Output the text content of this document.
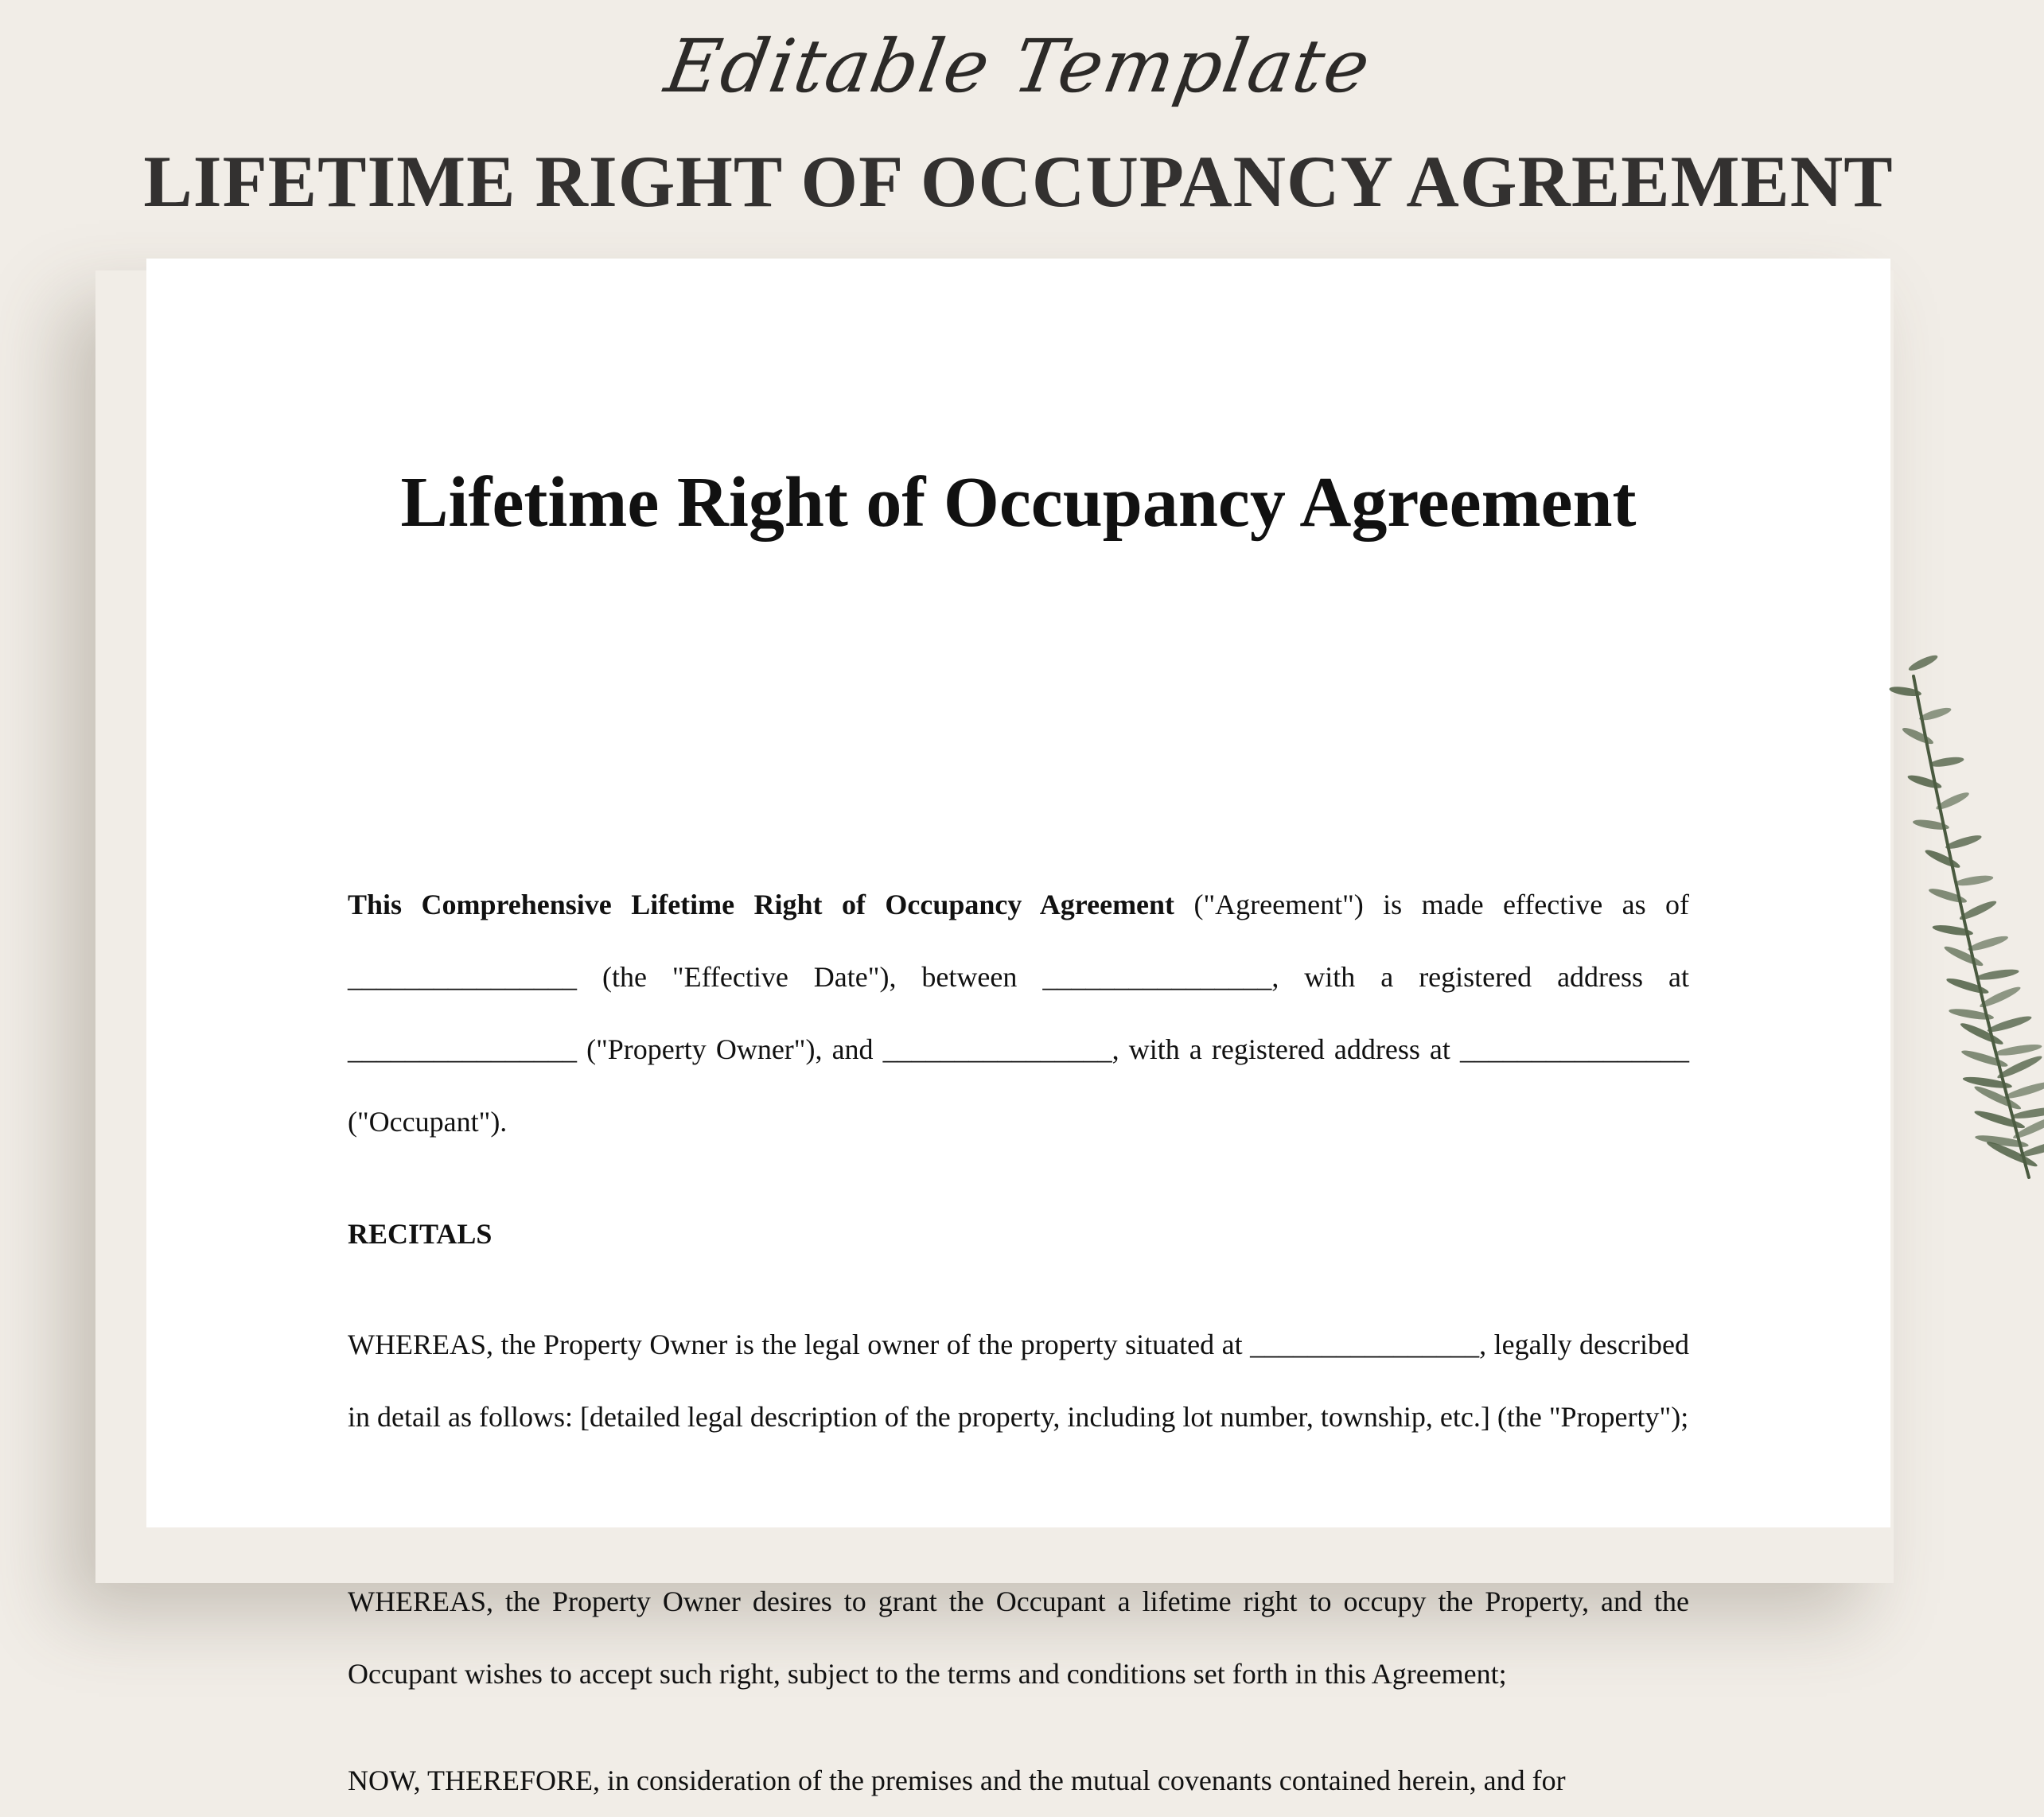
Editable Template
LIFETIME RIGHT OF OCCUPANCY AGREEMENT
Lifetime Right of Occupancy Agreement
This Comprehensive Lifetime Right of Occupancy Agreement ("Agreement") is made effective as of ________________ (the "Effective Date"), between ________________, with a registered address at ________________ ("Property Owner"), and ________________, with a registered address at ________________ ("Occupant").
RECITALS
WHEREAS, the Property Owner is the legal owner of the property situated at ________________, legally described in detail as follows: [detailed legal description of the property, including lot number, township, etc.] (the "Property");
WHEREAS, the Property Owner desires to grant the Occupant a lifetime right to occupy the Property, and the Occupant wishes to accept such right, subject to the terms and conditions set forth in this Agreement;
NOW, THEREFORE, in consideration of the premises and the mutual covenants contained herein, and for
